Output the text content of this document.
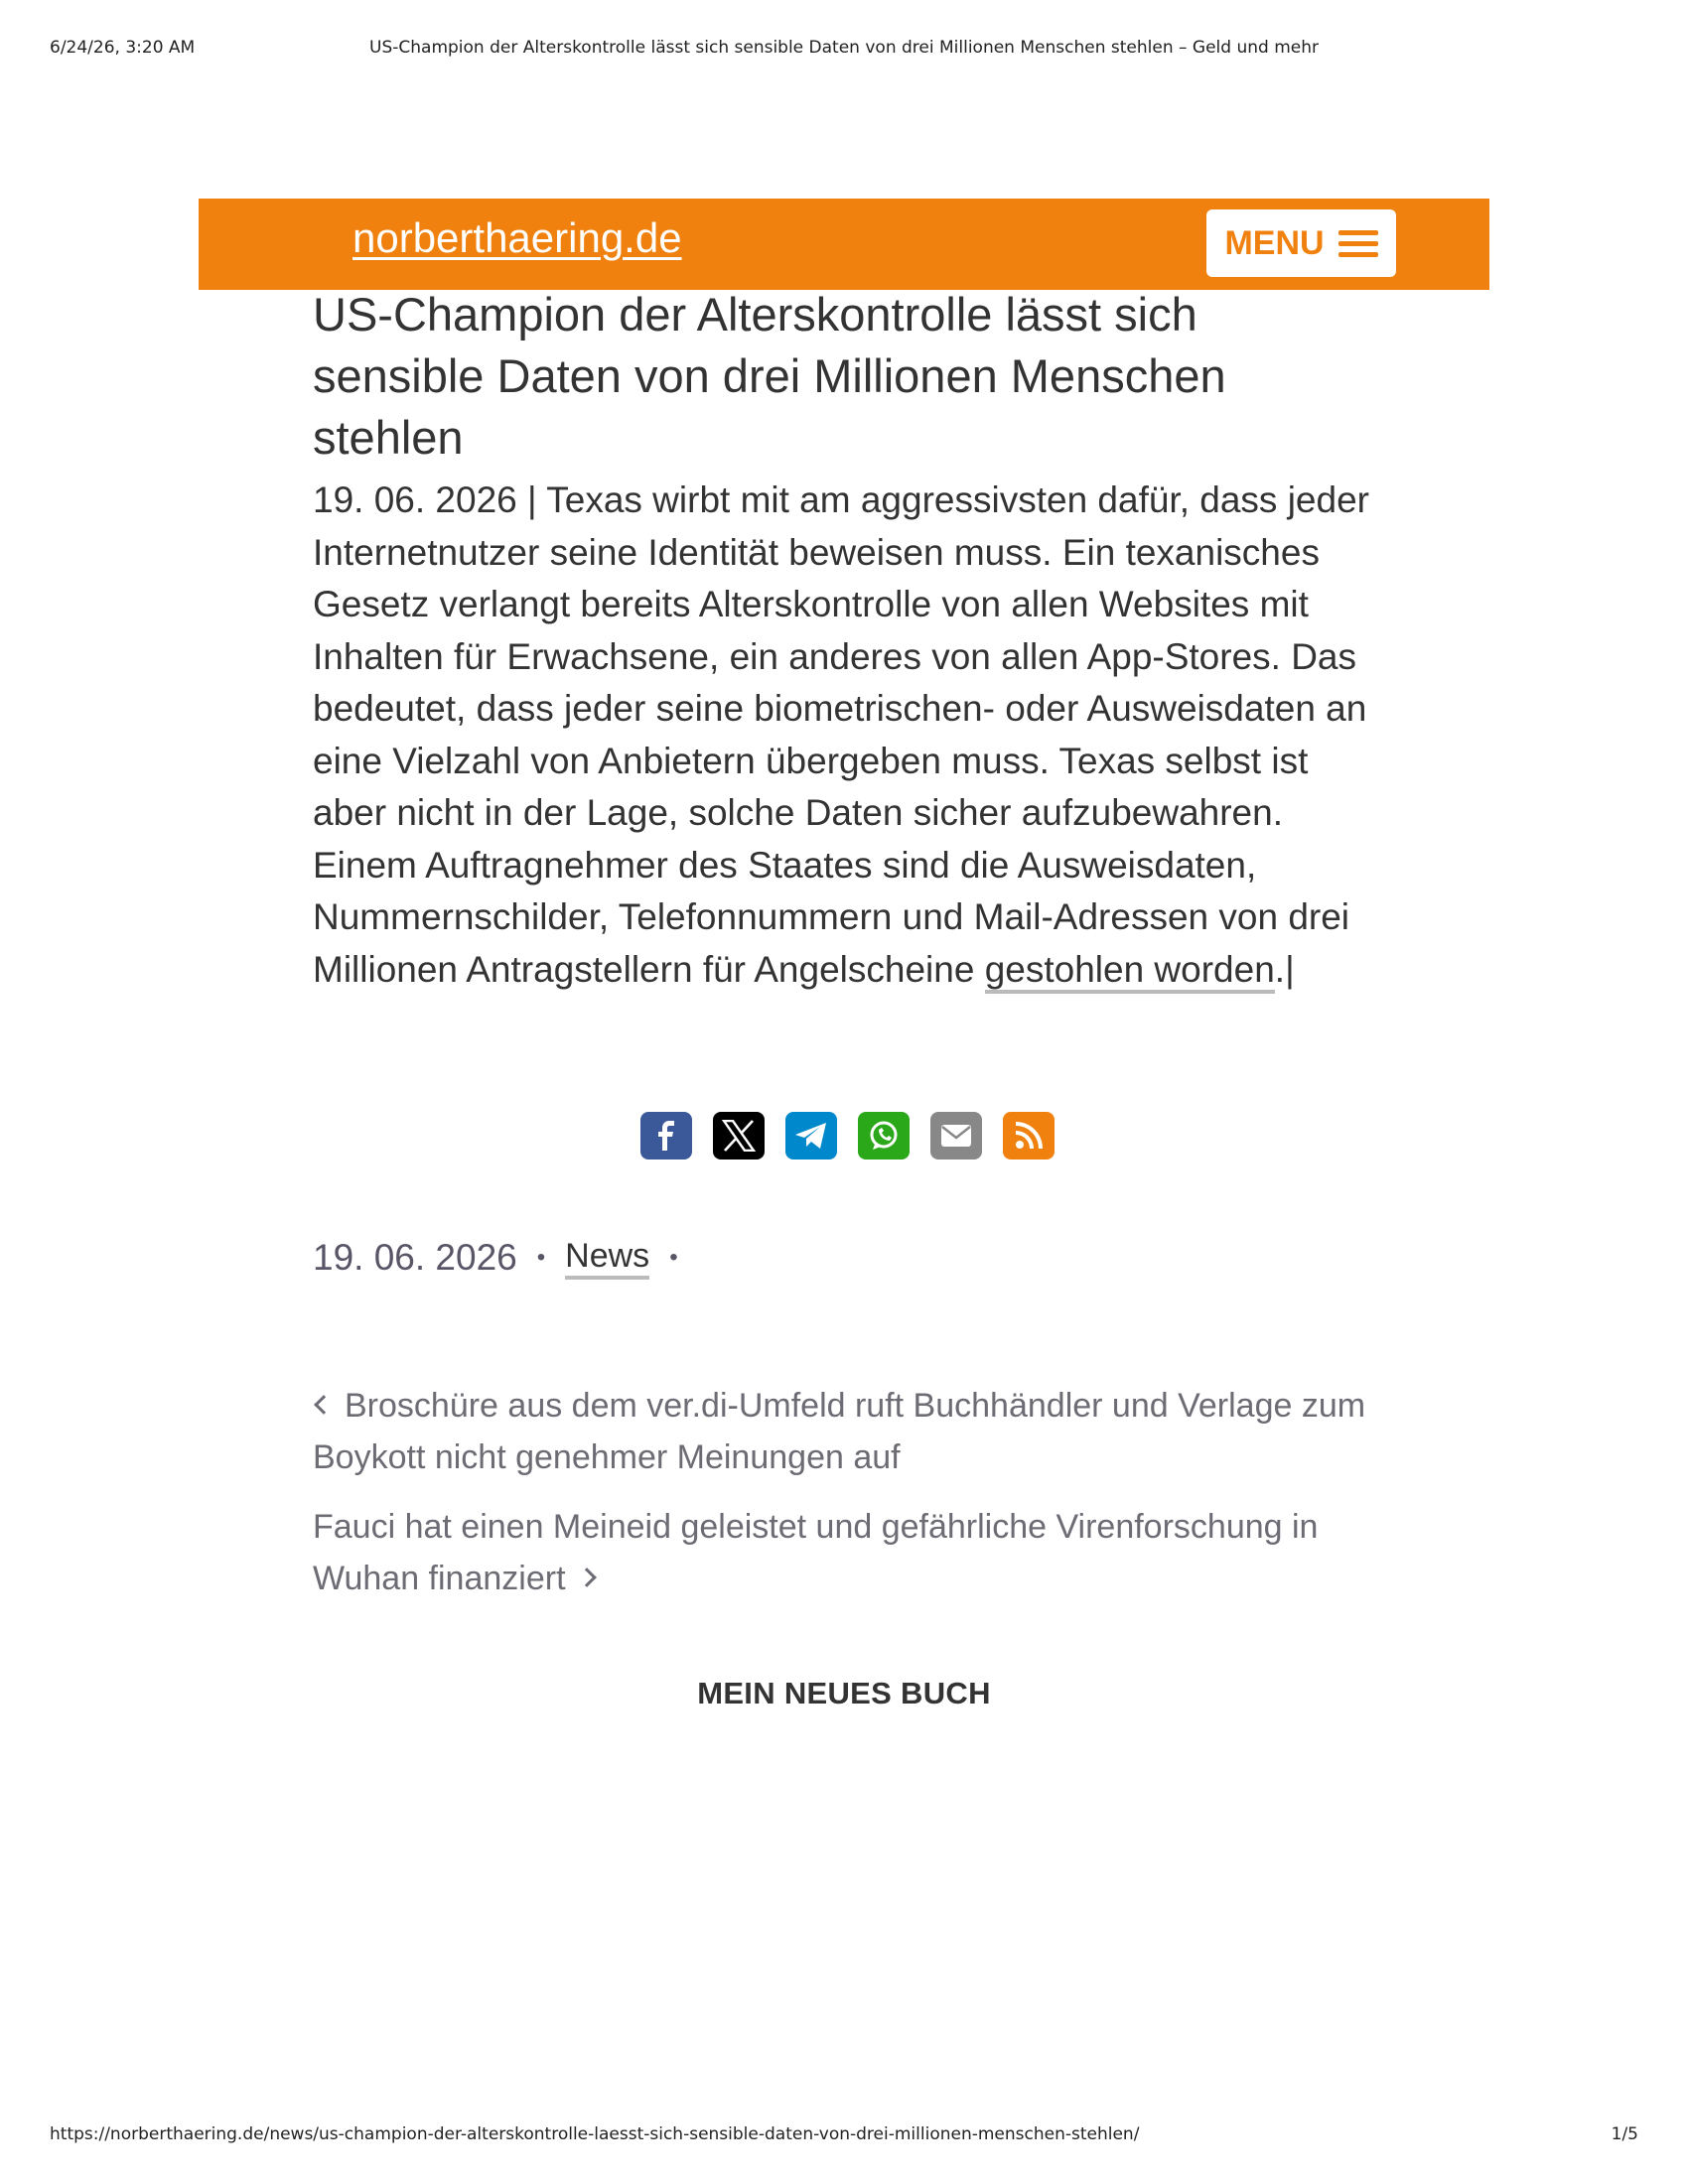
6/24/26, 3:20 AM	US-Champion der Alterskontrolle lässt sich sensible Daten von drei Millionen Menschen stehlen – Geld und mehr
norberthaering.de	MENU
US-Champion der Alterskontrolle lässt sich sensible Daten von drei Millionen Menschen stehlen

19. 06. 2026 | Texas wirbt mit am aggressivsten dafür, dass jeder Internetnutzer seine Identität beweisen muss. Ein texanisches Gesetz verlangt bereits Alterskontrolle von allen Websites mit Inhalten für Erwachsene, ein anderes von allen App-Stores. Das bedeutet, dass jeder seine biometrischen- oder Ausweisdaten an eine Vielzahl von Anbietern übergeben muss. Texas selbst ist aber nicht in der Lage, solche Daten sicher aufzubewahren. Einem Auftragnehmer des Staates sind die Ausweisdaten, Nummernschilder, Telefonnummern und Mail-Adressen von drei Millionen Antragstellern für Angelscheine gestohlen worden.|

19. 06. 2026 • News •
Broschüre aus dem ver.di-Umfeld ruft Buchhändler und Verlage zum Boykott nicht genehmer Meinungen auf
Fauci hat einen Meineid geleistet und gefährliche Virenforschung in Wuhan finanziert
MEIN NEUES BUCH
https://norberthaering.de/news/us-champion-der-alterskontrolle-laesst-sich-sensible-daten-von-drei-millionen-menschen-stehlen/	1/5
